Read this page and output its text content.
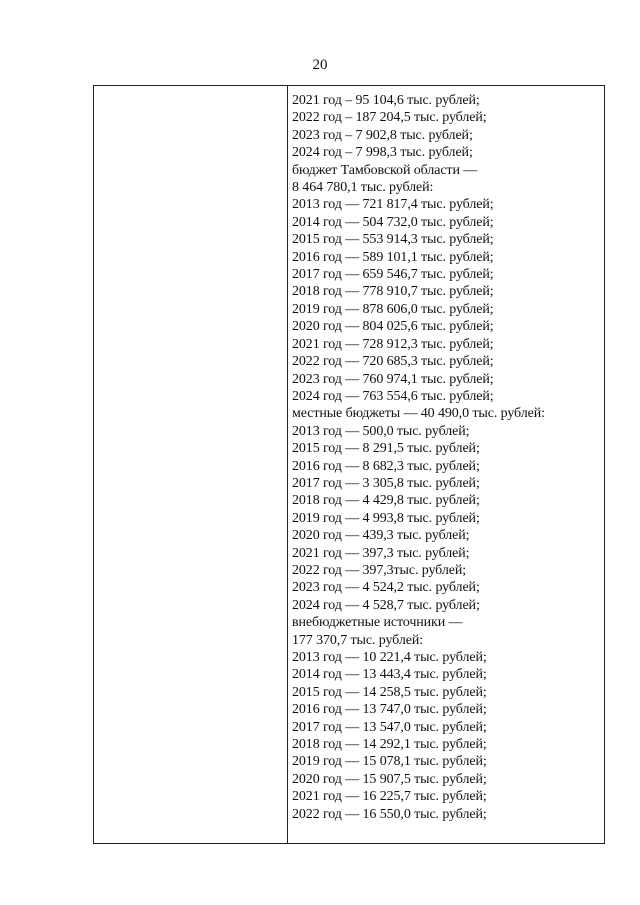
20
2021 год – 95 104,6 тыс. рублей;
2022 год – 187 204,5 тыс. рублей;
2023 год – 7 902,8 тыс. рублей;
2024 год – 7 998,3 тыс. рублей;
бюджет Тамбовской области —
8 464 780,1 тыс. рублей:
2013 год — 721 817,4 тыс. рублей;
2014 год — 504 732,0 тыс. рублей;
2015 год — 553 914,3 тыс. рублей;
2016 год — 589 101,1 тыс. рублей;
2017 год — 659 546,7 тыс. рублей;
2018 год — 778 910,7 тыс. рублей;
2019 год — 878 606,0 тыс. рублей;
2020 год — 804 025,6 тыс. рублей;
2021 год — 728 912,3 тыс. рублей;
2022 год — 720 685,3 тыс. рублей;
2023 год — 760 974,1 тыс. рублей;
2024 год — 763 554,6 тыс. рублей;
местные бюджеты — 40 490,0 тыс. рублей:
2013 год — 500,0 тыс. рублей;
2015 год — 8 291,5 тыс. рублей;
2016 год — 8 682,3 тыс. рублей;
2017 год — 3 305,8 тыс. рублей;
2018 год — 4 429,8 тыс. рублей;
2019 год — 4 993,8 тыс. рублей;
2020 год — 439,3 тыс. рублей;
2021 год — 397,3 тыс. рублей;
2022 год — 397,3тыс. рублей;
2023 год — 4 524,2 тыс. рублей;
2024 год — 4 528,7 тыс. рублей;
внебюджетные источники —
177 370,7 тыс. рублей:
2013 год — 10 221,4 тыс. рублей;
2014 год — 13 443,4 тыс. рублей;
2015 год — 14 258,5 тыс. рублей;
2016 год — 13 747,0 тыс. рублей;
2017 год — 13 547,0 тыс. рублей;
2018 год — 14 292,1 тыс. рублей;
2019 год — 15 078,1 тыс. рублей;
2020 год — 15 907,5 тыс. рублей;
2021 год — 16 225,7 тыс. рублей;
2022 год — 16 550,0 тыс. рублей;
